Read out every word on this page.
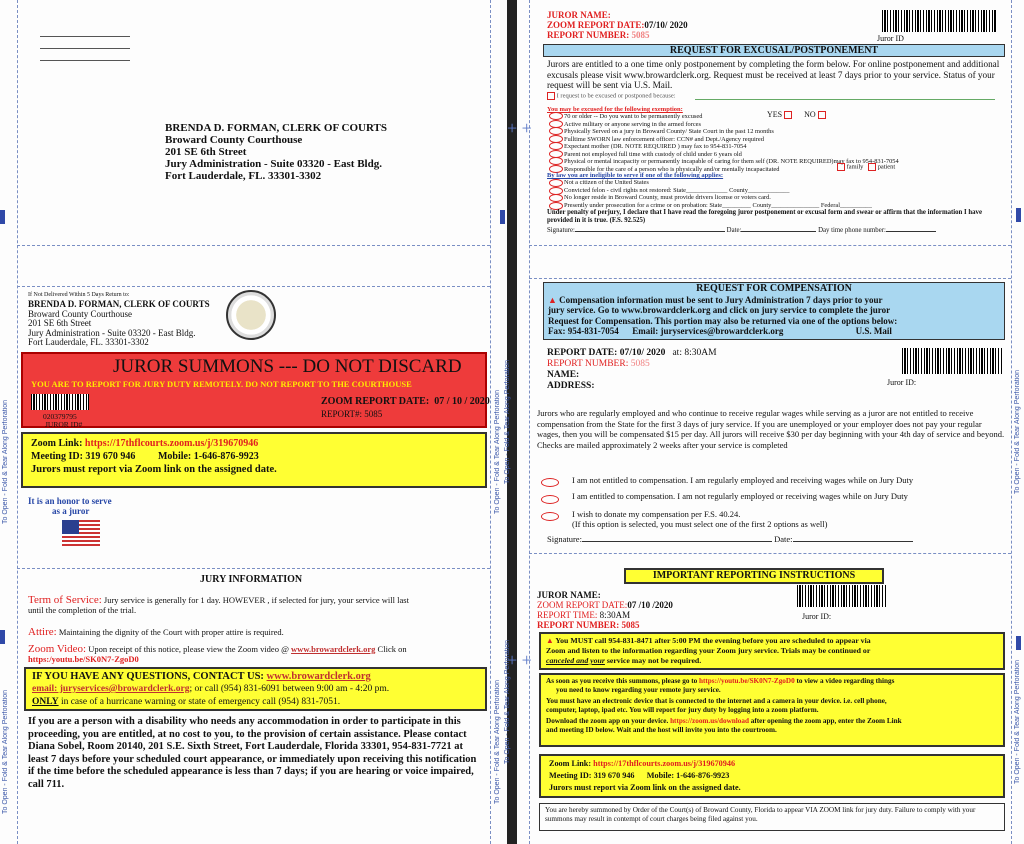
To Open - Fold & Tear Along Perforation
To Open - Fold & Tear Along Perforation
To Open - Fold & Tear Along Perforation
To Open - Fold & Tear Along Perforation
BRENDA D. FORMAN, CLERK OF COURTS
Broward County Courthouse
201 SE 6th Street
Jury Administration - Suite 03320 - East Bldg.
Fort Lauderdale, FL. 33301-3302
If Not Delivered Within 5 Days Return to:
BRENDA D. FORMAN, CLERK OF COURTS
Broward County Courthouse
201 SE 6th Street
Jury Administration - Suite 03320 - East Bldg.
Fort Lauderdale, FL. 33301-3302
JUROR SUMMONS --- DO NOT DISCARD
YOU ARE TO REPORT FOR JURY DUTY REMOTELY. DO NOT REPORT TO THE COURTHOUSE
020379795
JUROR ID#
ZOOM REPORT DATE: 07 / 10 / 2020
REPORT#: 5085
Zoom Link: https://17thflcourts.zoom.us/j/319670946
Meeting ID: 319 670 946 Mobile: 1-646-876-9923
Jurors must report via Zoom link on the assigned date.
It is an honor to serve
as a juror
JURY INFORMATION
Term of Service: Jury service is generally for 1 day. HOWEVER , if selected for jury, your service will last
until the completion of the trial.
Attire: Maintaining the dignity of the Court with proper attire is required.
Zoom Video: Upon receipt of this notice, please view the Zoom video @ www.browardclerk.org Click on
https:/youtu.be/SK0N7-ZgoD0
IF YOU HAVE ANY QUESTIONS, CONTACT US: www.browardclerk.org
email: juryservices@browardclerk.org; or call (954) 831-6091 between 9:00 am - 4:20 pm.
ONLY in case of a hurricane warning or state of emergency call (954) 831-7051.
If you are a person with a disability who needs any accommodation in order to participate in this proceeding, you are entitled, at no cost to you, to the provision of certain assistance. Please contact Diana Sobel, Room 20140, 201 S.E. Sixth Street, Fort Lauderdale, Florida 33301, 954-831-7721 at least 7 days before your scheduled court appearance, or immediately upon receiving this notification if the time before the scheduled appearance is less than 7 days; if you are hearing or voice impaired, call 711.
+ +
+ +
To Open - Fold & Tear Along Perforation
To Open - Fold & Tear Along Perforation
To Open - Fold & Tear Along Perforation
To Open - Fold & Tear Along Perforation
JUROR NAME:
ZOOM REPORT DATE:07/10/ 2020
REPORT NUMBER: 5085	Juror ID
REQUEST FOR EXCUSAL/POSTPONEMENT
Jurors are entitled to a one time only postponement by completing the form below. For online postponement and additional excusals please visit www.browardclerk.org. Request must be received at least 7 days prior to your service. Status of your request will be sent via U.S. Mail.
I request to be excused or postponed because:
You may be excused for the following exemption:
70 or older -- Do you want to be permanently excused
Active military or anyone serving in the armed forces
Physically Served on a jury in Broward County/ State Court in the past 12 months
Fulltime SWORN law enforcement officer: CCN# and Dept./Agency required
Expectant mother (DR. NOTE REQUIRED ) may fax to 954-831-7054
Parent not employed full time with custody of child under 6 years old
Physical or mental incapacity or permanently incapable of caring for them self (DR. NOTE REQUIRED)may fax to 954-831-7054
Responsible for the care of a person who is physically and/or mentally incapacitated
YES	NO
family patient
By law you are ineligible to serve if one of the following applies:
Not a citizen of the United States
Convicted felon - civil rights not restored: State_____________ County_____________
No longer reside in Broward County, must provide drivers license or voters card.
Presently under prosecution for a crime or on probation: State_________ County_______________ Federal__________
Under penalty of perjury, I declare that I have read the foregoing juror postponement or excusal form and swear or affirm that the information I have provided in it is true. (F.S. 92.525)
Signature:	Date:	Day time phone number:
REQUEST FOR COMPENSATION
▲ Compensation information must be sent to Jury Administration 7 days prior to your
jury service. Go to www.browardclerk.org and click on jury service to complete the juror
Request for Compensation. This portion may also be returned via one of the options below:
Fax: 954-831-7054 Email: juryservices@browardclerk.org	U.S. Mail
REPORT DATE: 07/10/ 2020 at: 8:30AM
REPORT NUMBER: 5085
NAME:
ADDRESS:	Juror ID:
Jurors who are regularly employed and who continue to receive regular wages while serving as a juror are not entitled to receive compensation from the State for the first 3 days of jury service. If you are unemployed or your employer does not pay your regular wages, then you will be compensated $15 per day. All jurors will receive $30 per day beginning with your 4th day of service and beyond. Checks are mailed approximately 2 weeks after your service is completed
I am not entitled to compensation. I am regularly employed and receiving wages while on Jury Duty
I am entitled to compensation. I am not regularly employed or receiving wages while on Jury Duty
I wish to donate my compensation per F.S. 40.24.
(If this option is selected, you must select one of the first 2 options as well)
Signature:	Date:
IMPORTANT REPORTING INSTRUCTIONS
JUROR NAME:
ZOOM REPORT DATE:07 /10 /2020
REPORT TIME: 8:30AM
REPORT NUMBER: 5085
Juror ID:
▲ You MUST call 954-831-8471 after 5:00 PM the evening before you are scheduled to appear via
Zoom and listen to the information regarding your Zoom jury service. Trials may be continued or
canceled and your service may not be required.
As soon as you receive this summons, please go to https://youtu.be/SK0N7-ZgoD0 to view a video regarding things
you need to know regarding your remote jury service.
You must have an electronic device that is connected to the internet and a camera in your device. i.e. cell phone,
computer, laptop, ipad etc. You will report for jury duty by logging into a zoom platform.
Download the zoom app on your device. https://zoom.us/download after opening the zoom app, enter the Zoom Link
and meeting ID below. Wait and the host will invite you into the courtroom.
Zoom Link: https://17thflcourts.zoom.us/j/319670946
Meeting ID: 319 670 946 Mobile: 1-646-876-9923
Jurors must report via Zoom link on the assigned date.
You are hereby summoned by Order of the Court(s) of Broward County, Florida to appear VIA ZOOM link for jury duty. Failure to comply with your summons may result in contempt of court charges being filed against you.
